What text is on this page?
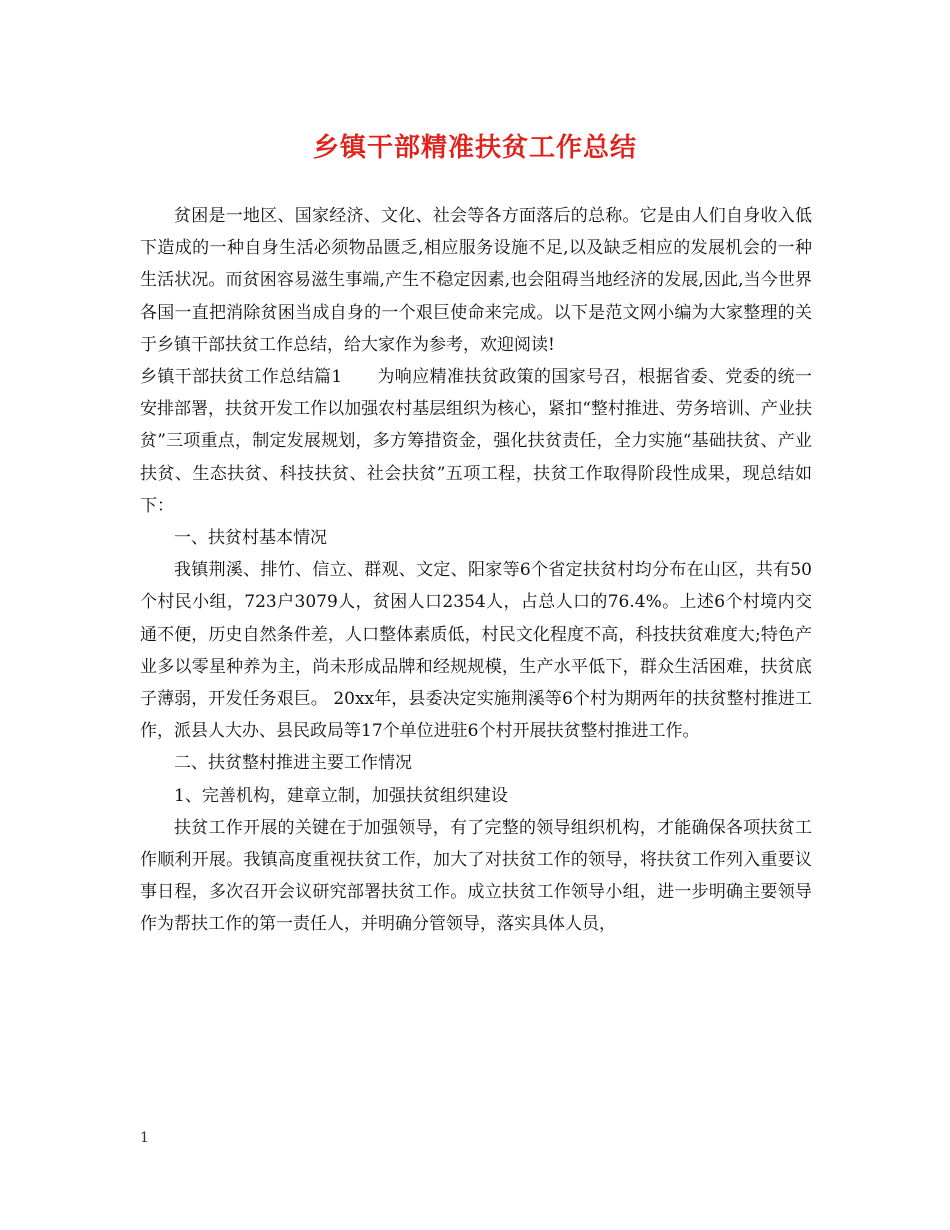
乡镇干部精准扶贫工作总结

贫困是一地区、国家经济、文化、社会等各方面落后的总称。它是由人们自身收入低下造成的一种自身生活必须物品匮乏,相应服务设施不足,以及缺乏相应的发展机会的一种生活状况。而贫困容易滋生事端,产生不稳定因素,也会阻碍当地经济的发展,因此,当今世界各国一直把消除贫困当成自身的一个艰巨使命来完成。以下是范文网小编为大家整理的关于乡镇干部扶贫工作总结，给大家作为参考，欢迎阅读!

乡镇干部扶贫工作总结篇1　　为响应精准扶贫政策的国家号召，根据省委、党委的统一安排部署，扶贫开发工作以加强农村基层组织为核心，紧扣“整村推进、劳务培训、产业扶贫”三项重点，制定发展规划，多方筹措资金，强化扶贫责任，全力实施“基础扶贫、产业扶贫、生态扶贫、科技扶贫、社会扶贫”五项工程，扶贫工作取得阶段性成果，现总结如下：

一、扶贫村基本情况

我镇荆溪、排竹、信立、群观、文定、阳家等6个省定扶贫村均分布在山区，共有50个村民小组，723户3079人，贫困人口2354人，占总人口的76.4%。上述6个村境内交通不便，历史自然条件差，人口整体素质低，村民文化程度不高，科技扶贫难度大;特色产业多以零星种养为主，尚未形成品牌和经规规模，生产水平低下，群众生活困难，扶贫底子薄弱，开发任务艰巨。 20xx年，县委决定实施荆溪等6个村为期两年的扶贫整村推进工作，派县人大办、县民政局等17个单位进驻6个村开展扶贫整村推进工作。

二、扶贫整村推进主要工作情况

1、完善机构，建章立制，加强扶贫组织建设

扶贫工作开展的关键在于加强领导，有了完整的领导组织机构，才能确保各项扶贫工作顺利开展。我镇高度重视扶贫工作，加大了对扶贫工作的领导，将扶贫工作列入重要议事日程，多次召开会议研究部署扶贫工作。成立扶贫工作领导小组，进一步明确主要领导作为帮扶工作的第一责任人，并明确分管领导，落实具体人员，

1
